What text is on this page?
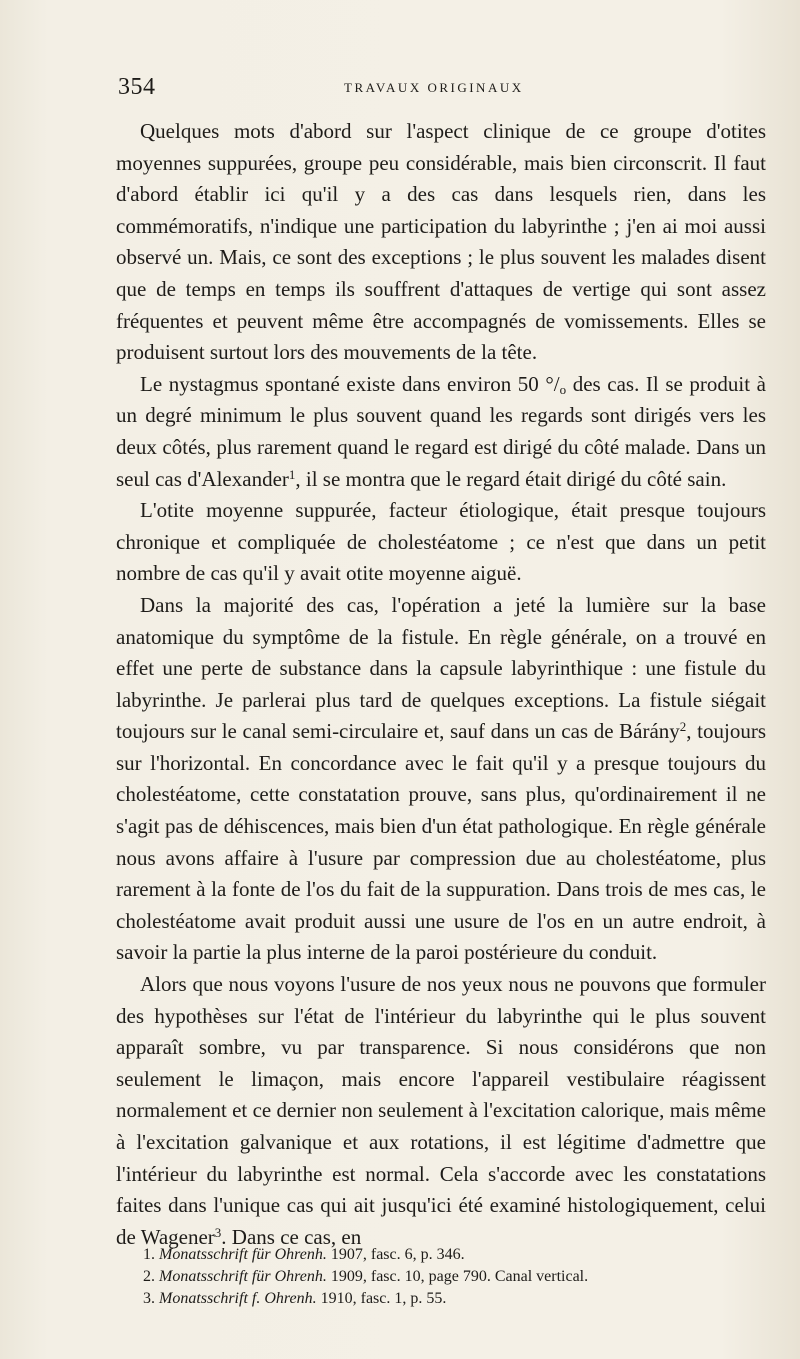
354	TRAVAUX ORIGINAUX

Quelques mots d'abord sur l'aspect clinique de ce groupe d'otites moyennes suppurées, groupe peu considérable, mais bien circonscrit. Il faut d'abord établir ici qu'il y a des cas dans lesquels rien, dans les commémoratifs, n'indique une participation du labyrinthe ; j'en ai moi aussi observé un. Mais, ce sont des exceptions ; le plus souvent les malades disent que de temps en temps ils souffrent d'attaques de vertige qui sont assez fréquentes et peuvent même être accompagnés de vomissements. Elles se produisent surtout lors des mouvements de la tête.

Le nystagmus spontané existe dans environ 50 $^\circ/_o$ des cas. Il se produit à un degré minimum le plus souvent quand les regards sont dirigés vers les deux côtés, plus rarement quand le regard est dirigé du côté malade. Dans un seul cas d'Alexander$^1$, il se montra que le regard était dirigé du côté sain.

L'otite moyenne suppurée, facteur étiologique, était presque toujours chronique et compliquée de cholestéatome ; ce n'est que dans un petit nombre de cas qu'il y avait otite moyenne aiguë.

Dans la majorité des cas, l'opération a jeté la lumière sur la base anatomique du symptôme de la fistule. En règle générale, on a trouvé en effet une perte de substance dans la capsule labyrinthique : une fistule du labyrinthe. Je parlerai plus tard de quelques exceptions. La fistule siégait toujours sur le canal semi-circulaire et, sauf dans un cas de Bárány$^2$, toujours sur l'horizontal. En concordance avec le fait qu'il y a presque toujours du cholestéatome, cette constatation prouve, sans plus, qu'ordinairement il ne s'agit pas de déhiscences, mais bien d'un état pathologique. En règle générale nous avons affaire à l'usure par compression due au cholestéatome, plus rarement à la fonte de l'os du fait de la suppuration. Dans trois de mes cas, le cholestéatome avait produit aussi une usure de l'os en un autre endroit, à savoir la partie la plus interne de la paroi postérieure du conduit.

Alors que nous voyons l'usure de nos yeux nous ne pouvons que formuler des hypothèses sur l'état de l'intérieur du labyrinthe qui le plus souvent apparaît sombre, vu par transparence. Si nous considérons que non seulement le limaçon, mais encore l'appareil vestibulaire réagissent normalement et ce dernier non seulement à l'excitation calorique, mais même à l'excitation galvanique et aux rotations, il est légitime d'admettre que l'intérieur du labyrinthe est normal. Cela s'accorde avec les constatations faites dans l'unique cas qui ait jusqu'ici été examiné histologiquement, celui de Wagener$^3$. Dans ce cas, en

1. Monatsschrift für Ohrenh. 1907, fasc. 6, p. 346.
2. Monatsschrift für Ohrenh. 1909, fasc. 10, page 790. Canal vertical.
3. Monatsschrift f. Ohrenh. 1910, fasc. 1, p. 55.
